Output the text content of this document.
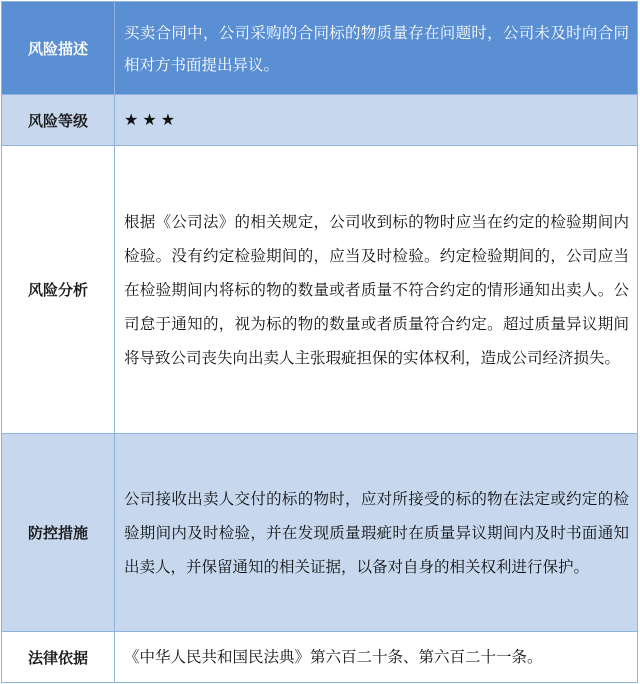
风险描述	买卖合同中，公司采购的合同标的物质量存在问题时，公司未及时向合同相对方书面提出异议。
风险等级	★★★
风险分析	根据《公司法》的相关规定，公司收到标的物时应当在约定的检验期间内检验。没有约定检验期间的，应当及时检验。约定检验期间的，公司应当在检验期间内将标的物的数量或者质量不符合约定的情形通知出卖人。公司怠于通知的，视为标的物的数量或者质量符合约定。超过质量异议期间将导致公司丧失向出卖人主张瑕疵担保的实体权利，造成公司经济损失。
防控措施	公司接收出卖人交付的标的物时，应对所接受的标的物在法定或约定的检验期间内及时检验，并在发现质量瑕疵时在质量异议期间内及时书面通知出卖人，并保留通知的相关证据，以备对自身的相关权利进行保护。
法律依据	《中华人民共和国民法典》第六百二十条、第六百二十一条。
